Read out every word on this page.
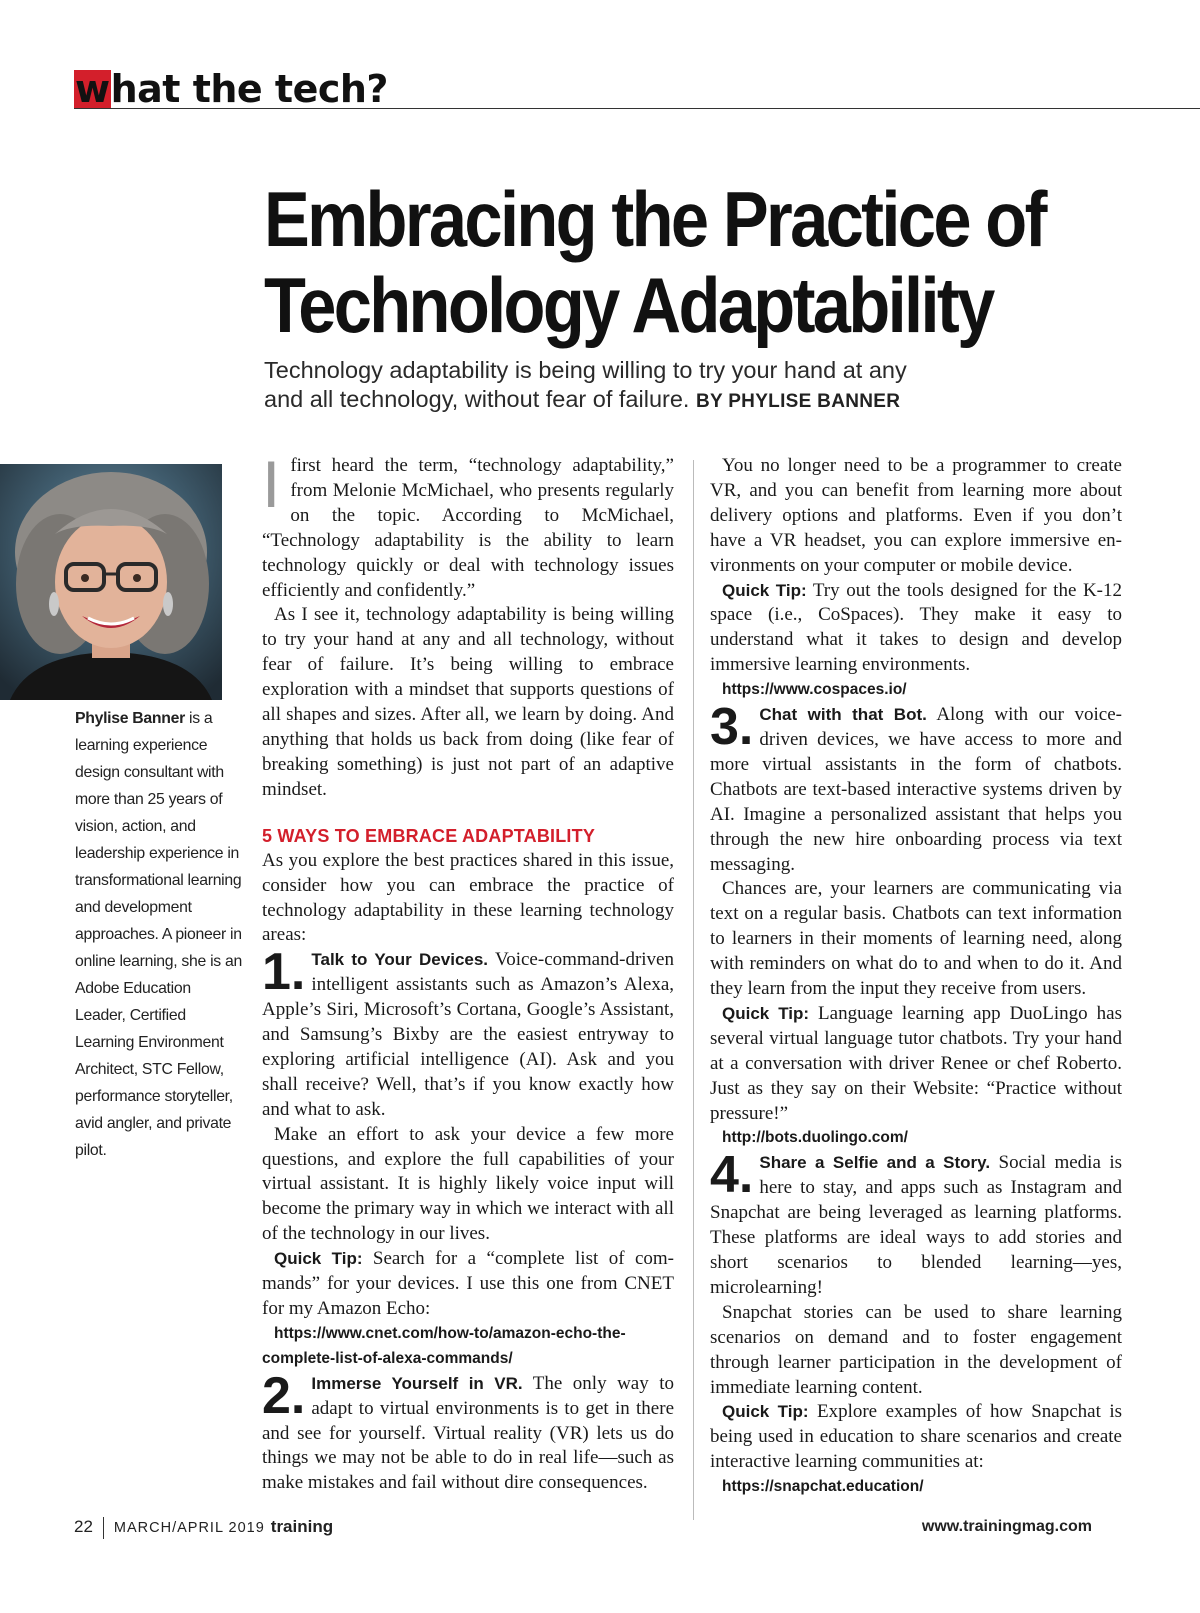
what the tech?
Embracing the Practice of
Technology Adaptability
Technology adaptability is being willing to try your hand at any and all technology, without fear of failure. BY PHYLISE BANNER
Phylise Banner is a learning experience design consultant with more than 25 years of vision, action, and leadership experience in transformational learning and development approaches. A pioneer in online learning, she is an Adobe Education Leader, Certified Learning Environment Architect, STC Fellow, performance storyteller, avid angler, and private pilot.

Ifirst heard the term, “technology adaptability,” from Melonie McMichael, who presents regularly on the topic. According to McMichael, “Technology adaptability is the ability to learn technology quickly or deal with technology issues efficiently and confidently.”

As I see it, technology adaptability is being willing to try your hand at any and all technology, without fear of failure. It’s being willing to embrace exploration with a mindset that supports questions of all shapes and sizes. After all, we learn by doing. And anything that holds us back from doing (like fear of breaking something) is just not part of an adaptive mindset.

5 WAYS TO EMBRACE ADAPTABILITY

As you explore the best practices shared in this issue, consider how you can embrace the practice of technology adaptability in these learning technology areas:

1. Talk to Your Devices. Voice-command-driven intelligent assistants such as Amazon’s Alexa, Apple’s Siri, Microsoft’s Cortana, Google’s Assistant, and Samsung’s Bixby are the easiest entryway to exploring artificial intelligence (AI). Ask and you shall receive? Well, that’s if you know exactly how and what to ask.

Make an effort to ask your device a few more questions, and explore the full capabilities of your virtual assistant. It is highly likely voice input will become the primary way in which we interact with all of the technology in our lives.

Quick Tip: Search for a “complete list of commands” for your devices. I use this one from CNET for my Amazon Echo:

https://www.cnet.com/how-to/amazon-echo-the-complete-list-of-alexa-commands/

2. Immerse Yourself in VR. The only way to adapt to virtual environments is to get in there and see for yourself. Virtual reality (VR) lets us do things we may not be able to do in real life—such as make mistakes and fail without dire consequences.

You no longer need to be a programmer to create VR, and you can benefit from learning more about delivery options and platforms. Even if you don’t have a VR headset, you can explore immersive environments on your computer or mobile device.

Quick Tip: Try out the tools designed for the K-12 space (i.e., CoSpaces). They make it easy to understand what it takes to design and develop immersive learning environments.

https://www.cospaces.io/

3. Chat with that Bot. Along with our voice-driven devices, we have access to more and more virtual assistants in the form of chatbots. Chatbots are text-based interactive systems driven by AI. Imagine a personalized assistant that helps you through the new hire onboarding process via text messaging.

Chances are, your learners are communicating via text on a regular basis. Chatbots can text information to learners in their moments of learning need, along with reminders on what do to and when to do it. And they learn from the input they receive from users.

Quick Tip: Language learning app DuoLingo has several virtual language tutor chatbots. Try your hand at a conversation with driver Renee or chef Roberto. Just as they say on their Website: “Practice without pressure!”

http://bots.duolingo.com/

4. Share a Selfie and a Story. Social media is here to stay, and apps such as Instagram and Snapchat are being leveraged as learning platforms. These platforms are ideal ways to add stories and short scenarios to blended learning—yes, microlearning!

Snapchat stories can be used to share learning scenarios on demand and to foster engagement through learner participation in the development of immediate learning content.

Quick Tip: Explore examples of how Snapchat is being used in education to share scenarios and create interactive learning communities at:

https://snapchat.education/

22 MARCH/APRIL 2019 training	www.trainingmag.com
